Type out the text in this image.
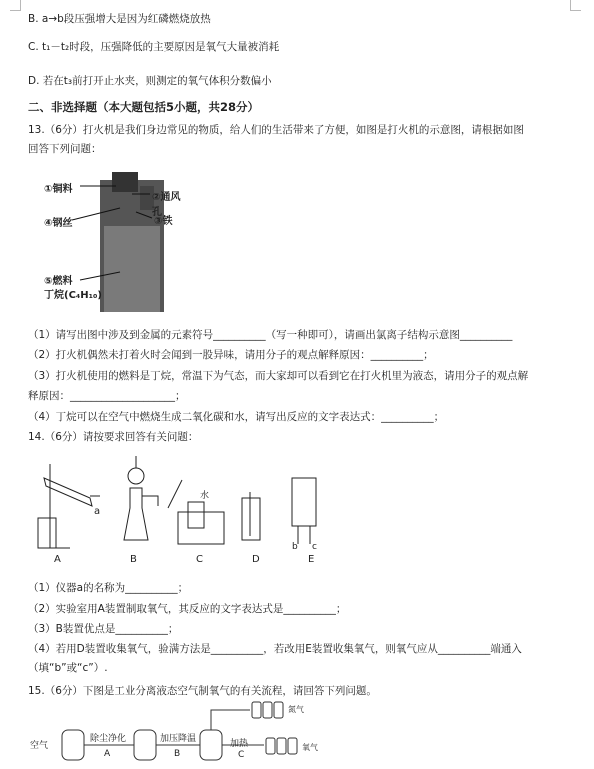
B. a→b段压强增大是因为红磷燃烧放热
C. t₁－t₂时段，压强降低的主要原因是氧气大量被消耗
D. 若在t₃前打开止水夹，则测定的氧气体积分数偏小
二、非选择题（本大题包括5小题，共28分）
13.（6分）打火机是我们身边常见的物质，给人们的生活带来了方便，如图是打火机的示意图，请根据如图
回答下列问题：
①铜料
②通风孔
③铁
④钢丝
⑤燃料
丁烷(C₄H₁₀)
（1）请写出图中涉及到金属的元素符号__________（写一种即可），请画出氯离子结构示意图__________
（2）打火机偶然未打着火时会闻到一股异味，请用分子的观点解释原因：__________；
（3）打火机使用的燃料是丁烷，常温下为气态，而大家却可以看到它在打火机里为液态，请用分子的观点解
释原因：____________________；
（4）丁烷可以在空气中燃烧生成二氧化碳和水，请写出反应的文字表达式：__________；
14.（6分）请按要求回答有关问题：
A	B	C	D	E
a
水
b c
（1）仪器a的名称为__________；
（2）实验室用A装置制取氧气，其反应的文字表达式是__________；
（3）B装置优点是__________；
（4）若用D装置收集氧气，验满方法是__________，若改用E装置收集氧气，则氧气应从__________端通入
（填“b”或“c”）.
15.（6分）下图是工业分离液态空气制氧气的有关流程，请回答下列问题。
空气
除尘净化
A
加压降温
B
加热
C
氮气
氧气
